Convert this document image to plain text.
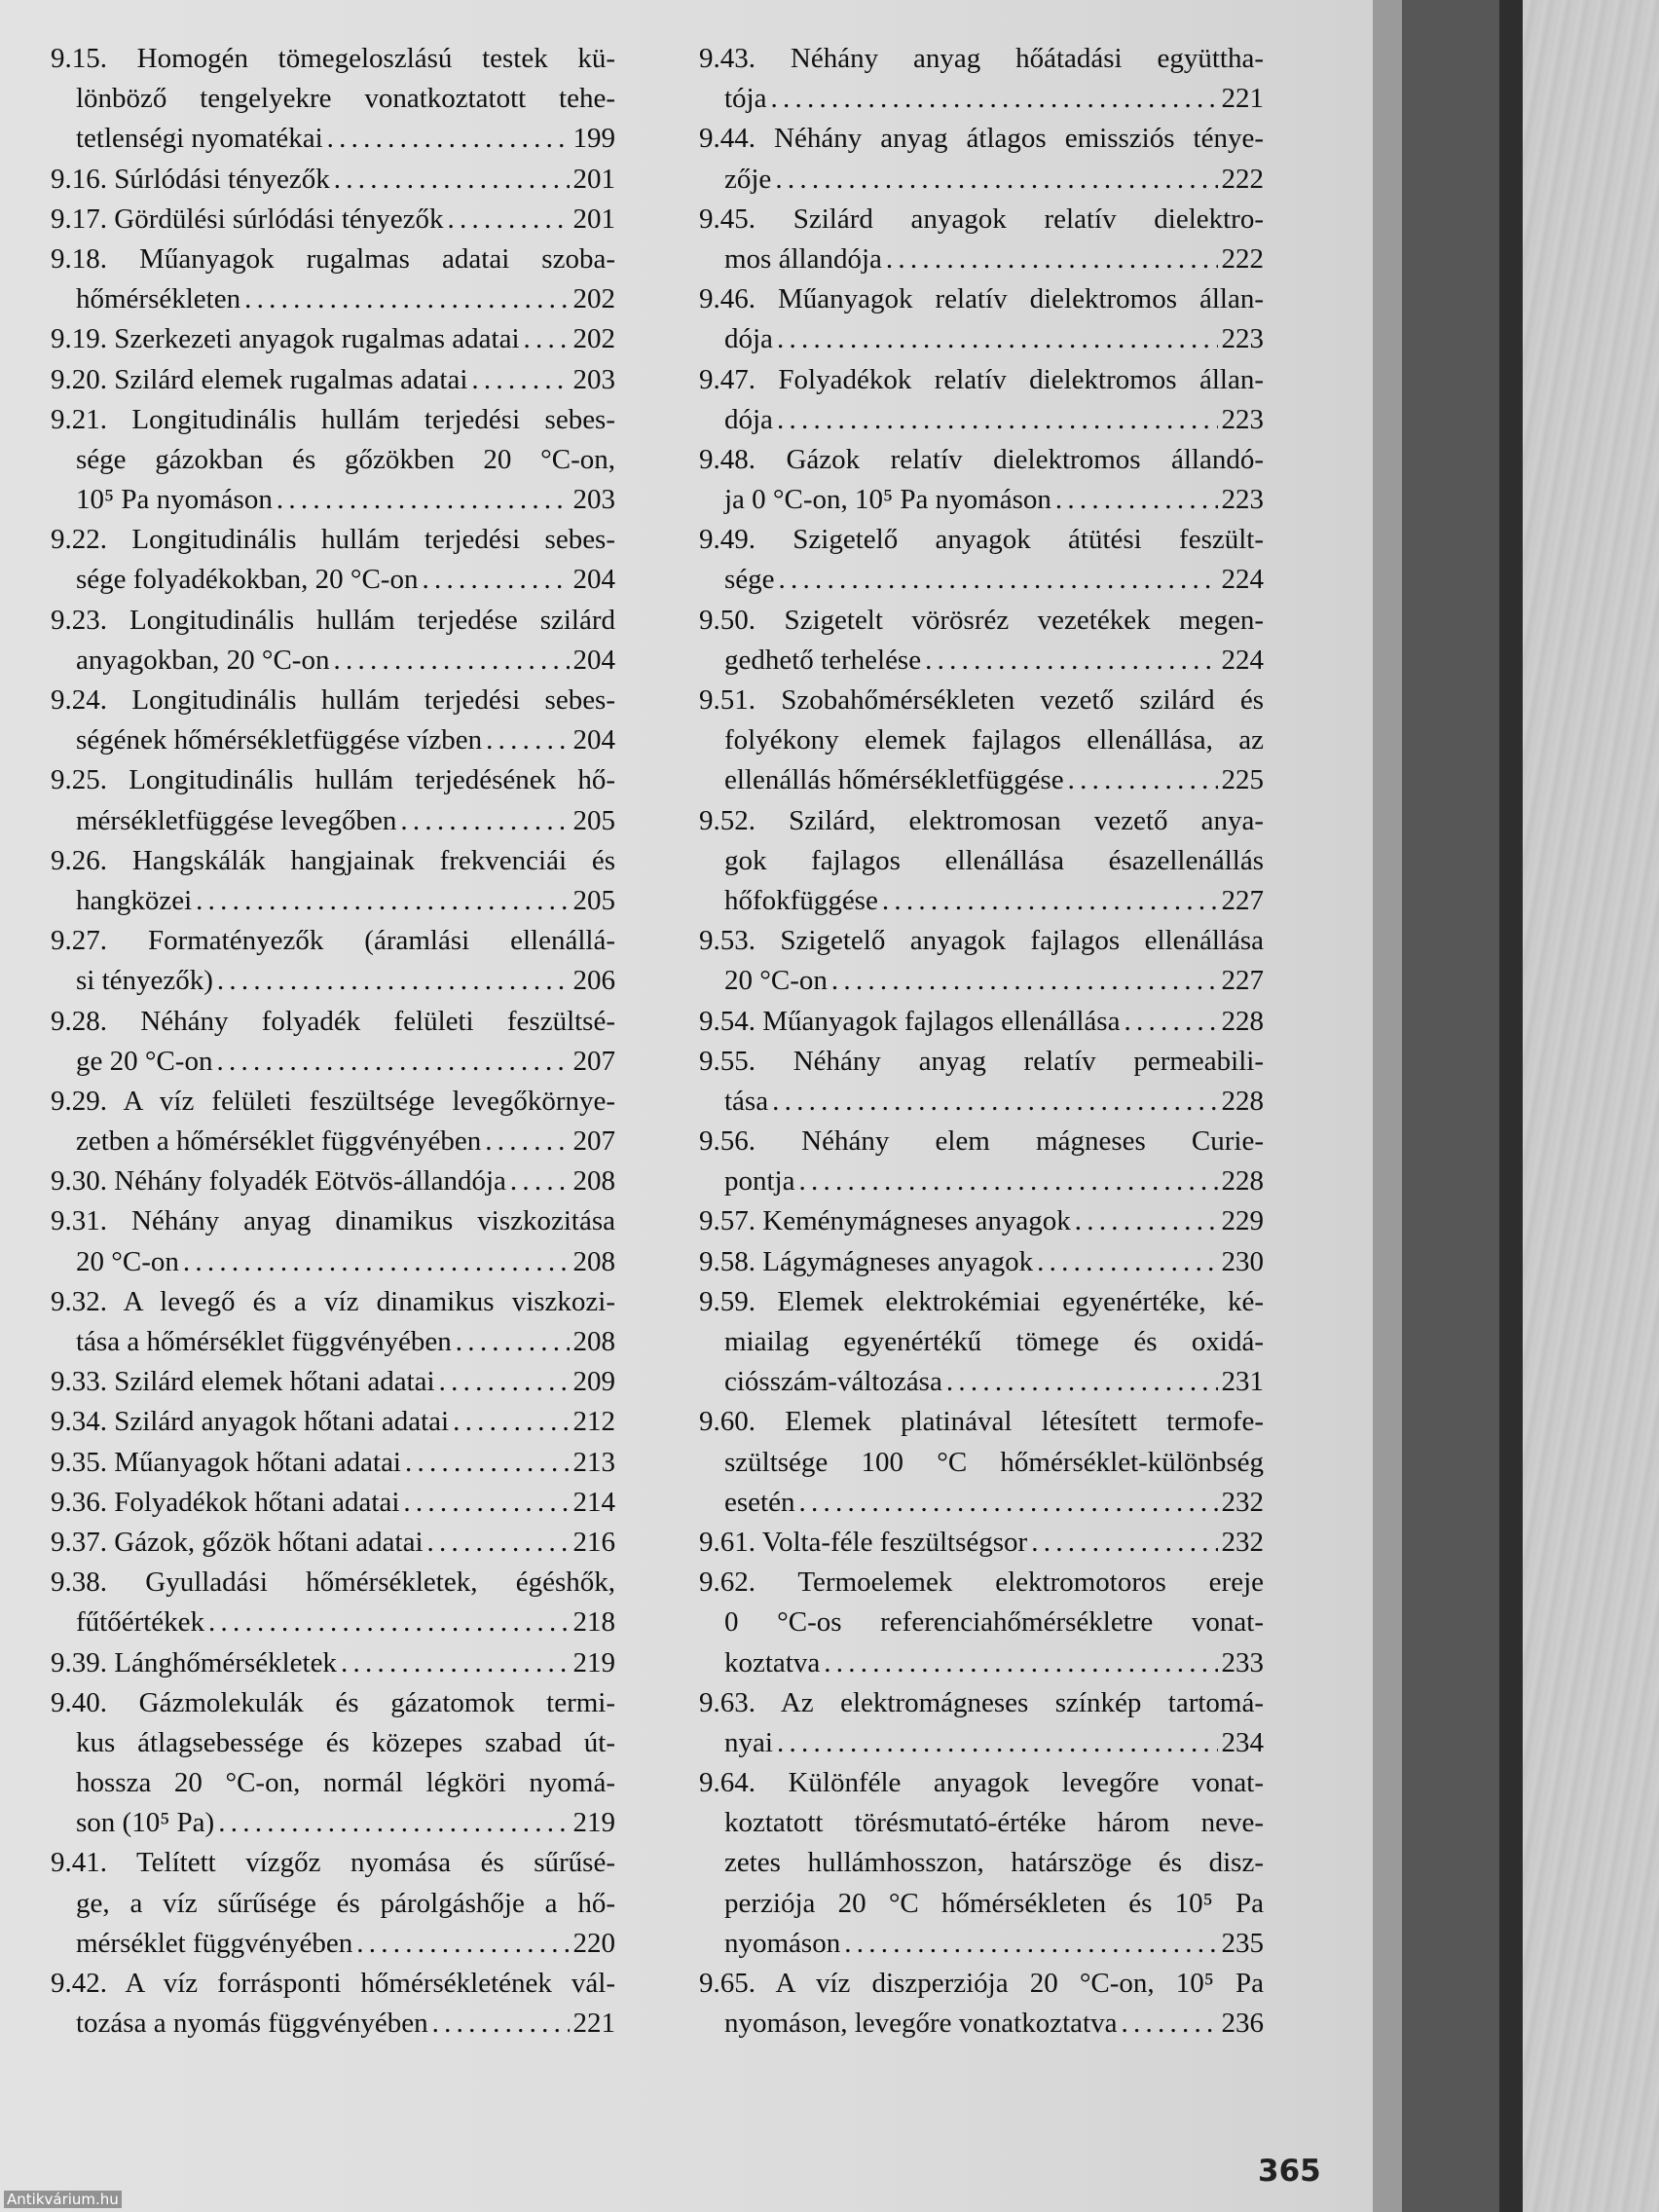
9.15. Homogén tömegeloszlású testek kü-
lönböző tengelyekre vonatkoztatott tehe-
tetlenségi nyomatékai . . .	199
9.16. Súrlódási tényezők . . .	201
9.17. Gördülési súrlódási tényezők . . .	201
9.18. Műanyagok rugalmas adatai szoba-
hőmérsékleten . . .	202
9.19. Szerkezeti anyagok rugalmas adatai . . . 202
9.20. Szilárd elemek rugalmas adatai . . .	203
9.21. Longitudinális hullám terjedési sebes-
sége gázokban és gőzökben 20 °C-on,
10⁵ Pa nyomáson . . .	203
9.22. Longitudinális hullám terjedési sebes-
sége folyadékokban, 20 °C-on . . .	204
9.23. Longitudinális hullám terjedése szilárd
anyagokban, 20 °C-on . . .	204
9.24. Longitudinális hullám terjedési sebes-
ségének hőmérsékletfüggése vízben . . .	204
9.25. Longitudinális hullám terjedésének hő-
mérsékletfüggése levegőben . . .	205
9.26. Hangskálák hangjainak frekvenciái és
hangközei . . .	205
9.27. Formatényezők (áramlási ellenállá-
si tényezők) . . .	206
9.28. Néhány folyadék felületi feszültsé-
ge 20 °C-on . . .	207
9.29. A víz felületi feszültsége levegőkörnye-
zetben a hőmérséklet függvényében . . .	207
9.30. Néhány folyadék Eötvös-állandója . . . 208
9.31. Néhány anyag dinamikus viszkozitása
20 °C-on . . .	208
9.32. A levegő és a víz dinamikus viszkozi-
tása a hőmérséklet függvényében . . .	208
9.33. Szilárd elemek hőtani adatai . . .	209
9.34. Szilárd anyagok hőtani adatai . . .	212
9.35. Műanyagok hőtani adatai . . .	213
9.36. Folyadékok hőtani adatai . . .	214
9.37. Gázok, gőzök hőtani adatai . . .	216
9.38. Gyulladási hőmérsékletek, égéshők,
fűtőértékek . . .	218
9.39. Lánghőmérsékletek . . .	219
9.40. Gázmolekulák és gázatomok termi-
kus átlagsebessége és közepes szabad út-
hossza 20 °C-on, normál légköri nyomá-
son (10⁵ Pa) . . .	219
9.41. Telített vízgőz nyomása és sűrűsé-
ge, a víz sűrűsége és párolgáshője a hő-
mérséklet függvényében . . .	220
9.42. A víz forrásponti hőmérsékletének vál-
tozása a nyomás függvényében . . .	221
9.43. Néhány anyag hőátadási együttha-
tója . . .	221
9.44. Néhány anyag átlagos emissziós ténye-
zője . . .	222
9.45. Szilárd anyagok relatív dielektro-
mos állandója . . .	222
9.46. Műanyagok relatív dielektromos állan-
dója . . .	223
9.47. Folyadékok relatív dielektromos állan-
dója . . .	223
9.48. Gázok relatív dielektromos állandó-
ja 0 °C-on, 10⁵ Pa nyomáson . . .	223
9.49. Szigetelő anyagok átütési feszült-
sége . . .	224
9.50. Szigetelt vörösréz vezetékek megen-
gedhető terhelése . . .	224
9.51. Szobahőmérsékleten vezető szilárd és
folyékony elemek fajlagos ellenállása, az
ellenállás hőmérsékletfüggése . . .	225
9.52. Szilárd, elektromosan vezető anya-
gok fajlagos ellenállása ésazellenállás
hőfokfüggése . . .	227
9.53. Szigetelő anyagok fajlagos ellenállása
20 °C-on . . .	227
9.54. Műanyagok fajlagos ellenállása . . .	228
9.55. Néhány anyag relatív permeabili-
tása . . .	228
9.56. Néhány elem mágneses Curie-
pontja . . .	228
9.57. Keménymágneses anyagok . . .	229
9.58. Lágymágneses anyagok . . .	230
9.59. Elemek elektrokémiai egyenértéke, ké-
miailag egyenértékű tömege és oxidá-
ciósszám-változása . . .	231
9.60. Elemek platinával létesített termofe-
szültsége 100 °C hőmérséklet-különbség
esetén . . .	232
9.61. Volta-féle feszültségsor . . .	232
9.62. Termoelemek elektromotoros ereje
0 °C-os referenciahőmérsékletre vonat-
koztatva . . .	233
9.63. Az elektromágneses színkép tartomá-
nyai . . .	234
9.64. Különféle anyagok levegőre vonat-
koztatott törésmutató-értéke három neve-
zetes hullámhosszon, határszöge és disz-
perziója 20 °C hőmérsékleten és 10⁵ Pa
nyomáson . . .	235
9.65. A víz diszperziója 20 °C-on, 10⁵ Pa
nyomáson, levegőre vonatkoztatva . . .	236
365
Antikvárium.hu
